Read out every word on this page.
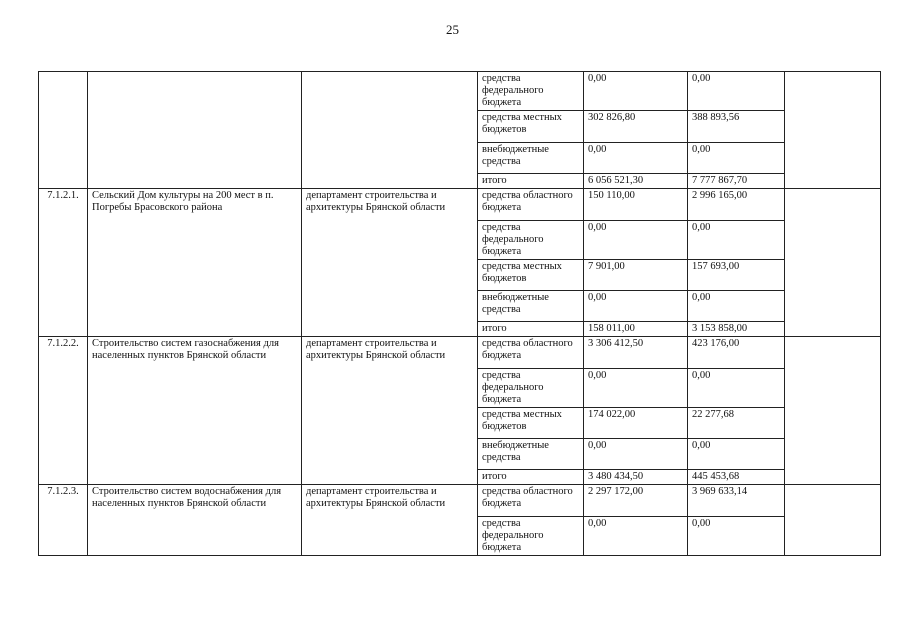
25
			средства федерального бюджета	0,00	0,00	
			средства местных бюджетов	302 826,80	388 893,56	
			внебюджетные средства	0,00	0,00	
			итого	6 056 521,30	7 777 867,70	
7.1.2.1.	Сельский Дом культуры на 200 мест в п. Погребы Брасовского района	департамент строительства и архитектуры Брянской области	средства областного бюджета	150 110,00	2 996 165,00	
			средства федерального бюджета	0,00	0,00	
			средства местных бюджетов	7 901,00	157 693,00	
			внебюджетные средства	0,00	0,00	
			итого	158 011,00	3 153 858,00	
7.1.2.2.	Строительство систем газоснабжения для населенных пунктов Брянской области	департамент строительства и архитектуры Брянской области	средства областного бюджета	3 306 412,50	423 176,00	
			средства федерального бюджета	0,00	0,00	
			средства местных бюджетов	174 022,00	22 277,68	
			внебюджетные средства	0,00	0,00	
			итого	3 480 434,50	445 453,68	
7.1.2.3.	Строительство систем водоснабжения для населенных пунктов Брянской области	департамент строительства и архитектуры Брянской области	средства областного бюджета	2 297 172,00	3 969 633,14	
			средства федерального бюджета	0,00	0,00	
